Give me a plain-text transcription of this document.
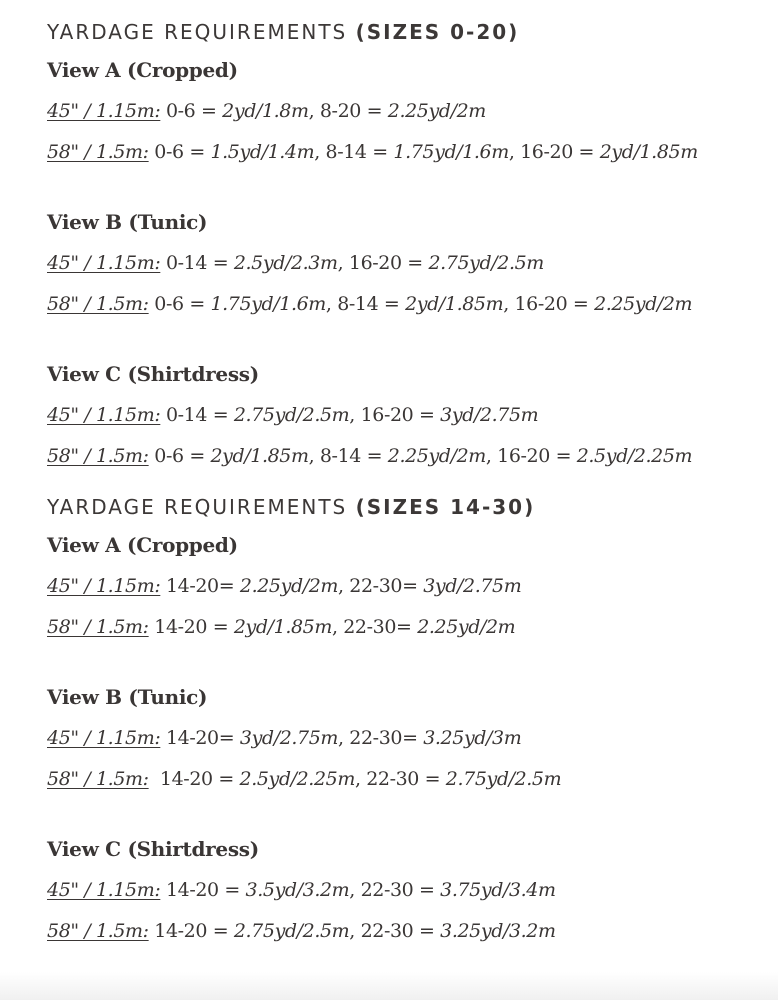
YARDAGE REQUIREMENTS (SIZES 0-20)
View A (Cropped)
45" / 1.15m: 0-6 = 2yd/1.8m, 8-20 = 2.25yd/2m
58" / 1.5m: 0-6 = 1.5yd/1.4m, 8-14 = 1.75yd/1.6m, 16-20 = 2yd/1.85m
View B (Tunic)
45" / 1.15m: 0-14 = 2.5yd/2.3m, 16-20 = 2.75yd/2.5m
58" / 1.5m: 0-6 = 1.75yd/1.6m, 8-14 = 2yd/1.85m, 16-20 = 2.25yd/2m
View C (Shirtdress)
45" / 1.15m: 0-14 = 2.75yd/2.5m, 16-20 = 3yd/2.75m
58" / 1.5m: 0-6 = 2yd/1.85m, 8-14 = 2.25yd/2m, 16-20 = 2.5yd/2.25m
YARDAGE REQUIREMENTS (SIZES 14-30)
View A (Cropped)
45" / 1.15m: 14-20= 2.25yd/2m, 22-30= 3yd/2.75m
58" / 1.5m: 14-20 = 2yd/1.85m, 22-30= 2.25yd/2m
View B (Tunic)
45" / 1.15m: 14-20= 3yd/2.75m, 22-30= 3.25yd/3m
58" / 1.5m:  14-20 = 2.5yd/2.25m, 22-30 = 2.75yd/2.5m
View C (Shirtdress)
45" / 1.15m: 14-20 = 3.5yd/3.2m, 22-30 = 3.75yd/3.4m
58" / 1.5m: 14-20 = 2.75yd/2.5m, 22-30 = 3.25yd/3.2m
